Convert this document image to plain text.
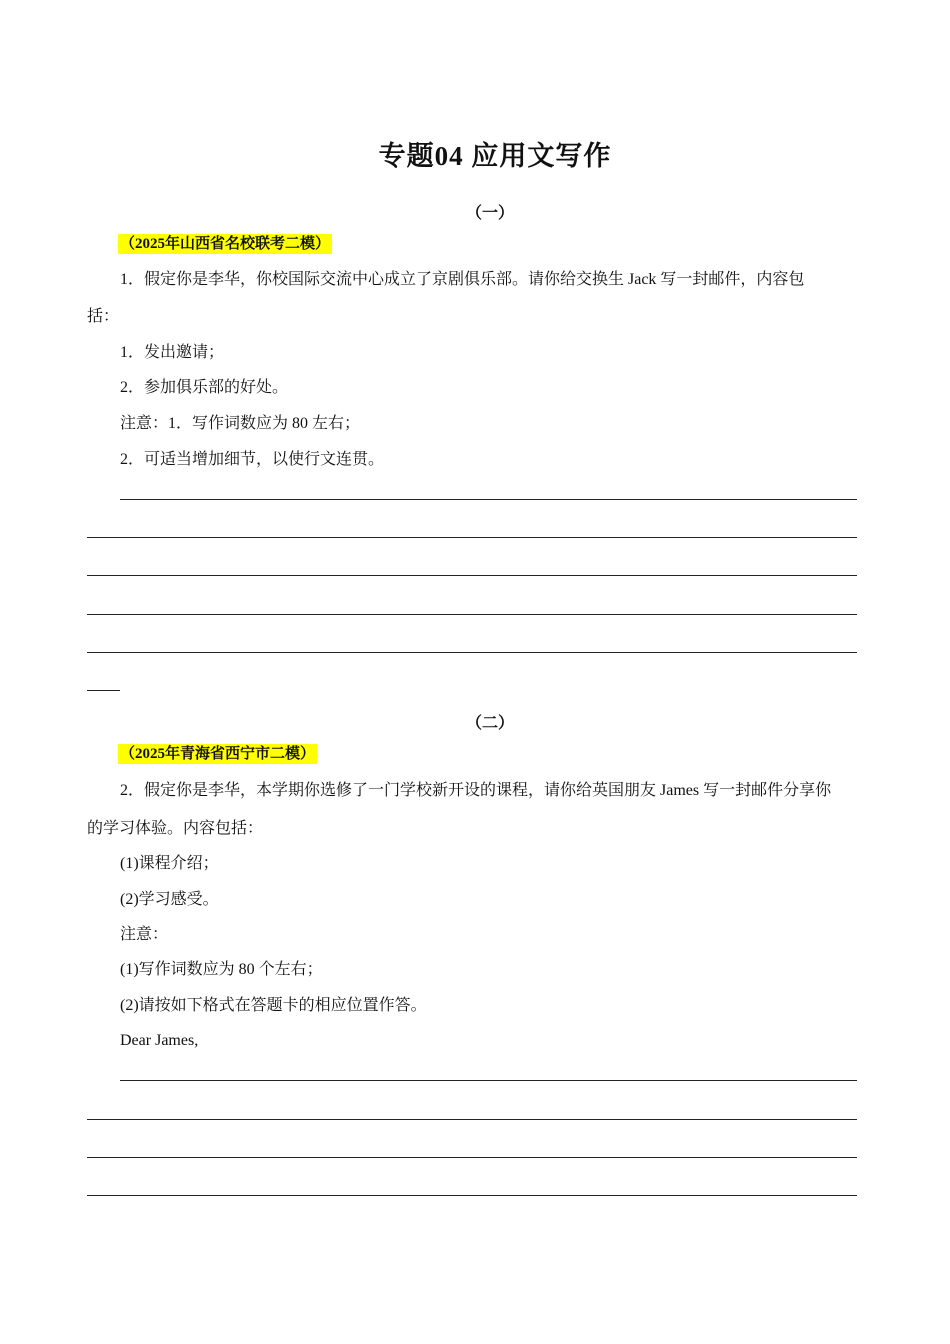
专题04 应用文写作
（一）
（2025年山西省名校联考二模）
1．假定你是李华，你校国际交流中心成立了京剧俱乐部。请你给交换生 Jack 写一封邮件，内容包
括：
1．发出邀请；
2．参加俱乐部的好处。
注意：1．写作词数应为 80 左右；
2．可适当增加细节，以使行文连贯。
（二）
（2025年青海省西宁市二模）
2．假定你是李华，本学期你选修了一门学校新开设的课程，请你给英国朋友 James 写一封邮件分享你
的学习体验。内容包括：
(1)课程介绍；
(2)学习感受。
注意：
(1)写作词数应为 80 个左右；
(2)请按如下格式在答题卡的相应位置作答。
Dear James,
